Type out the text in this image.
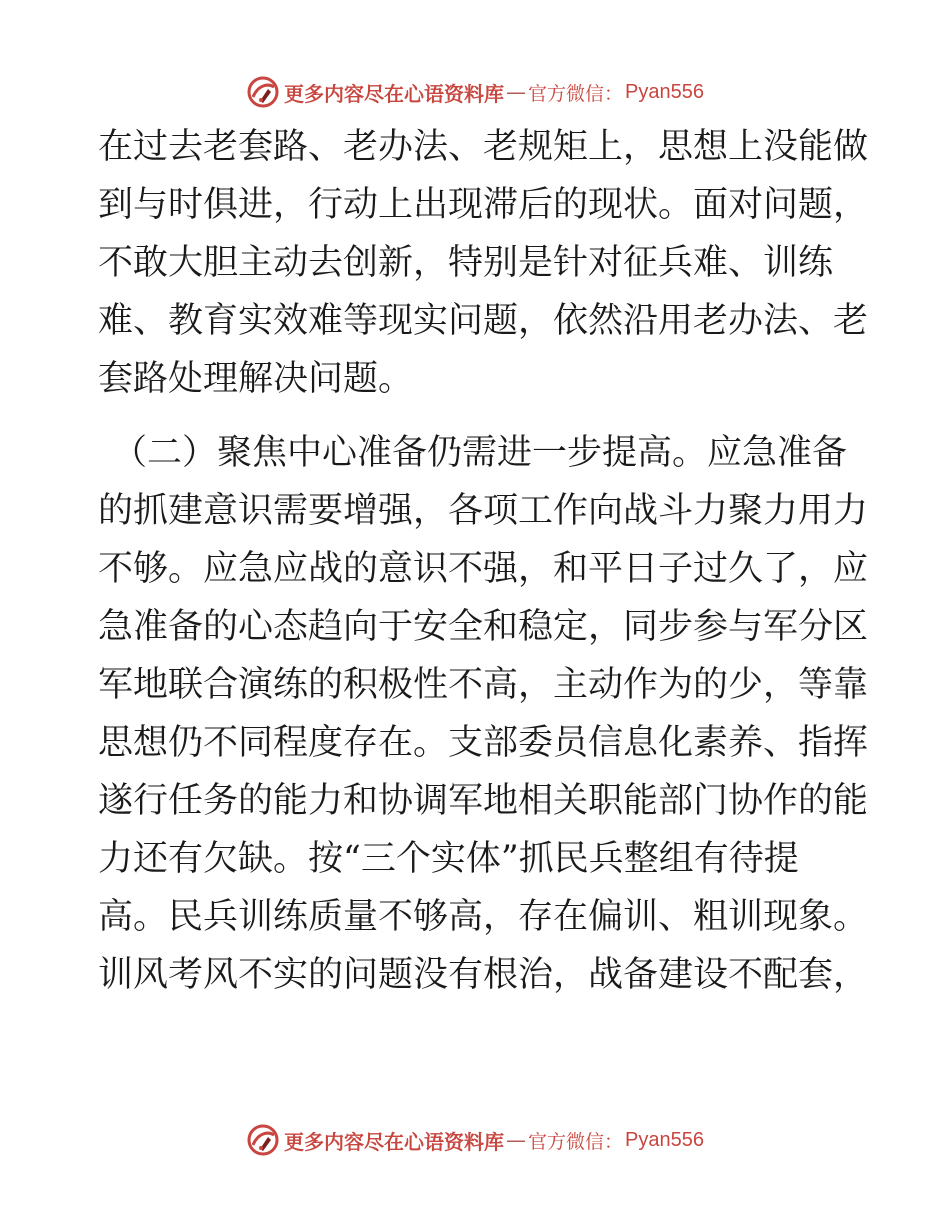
更多内容尽在心语资料库 — 官方微信： Pyan556

在过去老套路、老办法、老规矩上，思想上没能做
到与时俱进，行动上出现滞后的现状。面对问题，
不敢大胆主动去创新，特别是针对征兵难、训练
难、教育实效难等现实问题，依然沿用老办法、老
套路处理解决问题。

（二）聚焦中心准备仍需进一步提高。应急准备
的抓建意识需要增强，各项工作向战斗力聚力用力
不够。应急应战的意识不强，和平日子过久了，应
急准备的心态趋向于安全和稳定，同步参与军分区
军地联合演练的积极性不高，主动作为的少，等靠
思想仍不同程度存在。支部委员信息化素养、指挥
遂行任务的能力和协调军地相关职能部门协作的能
力还有欠缺。按“三个实体”抓民兵整组有待提
高。民兵训练质量不够高，存在偏训、粗训现象。
训风考风不实的问题没有根治，战备建设不配套，

更多内容尽在心语资料库 — 官方微信： Pyan556
